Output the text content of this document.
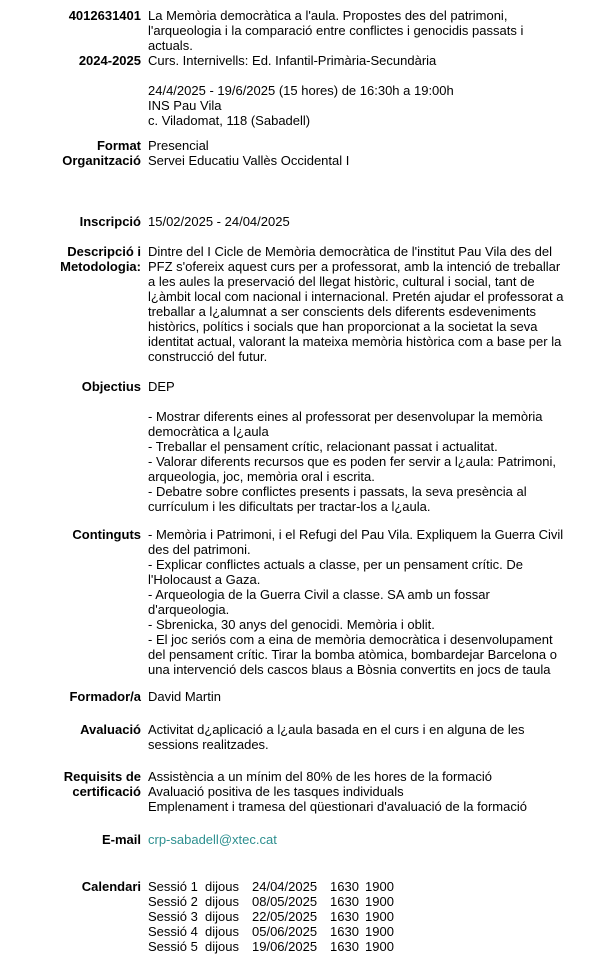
4012631401 La Memòria democràtica a l'aula. Propostes des del patrimoni, l'arqueologia i la comparació entre conflictes i genocidis passats i actuals.
2024-2025 Curs. Internivells: Ed. Infantil-Primària-Secundària
24/4/2025 - 19/6/2025 (15 hores) de 16:30h a 19:00h
INS Pau Vila
c. Viladomat, 118 (Sabadell)
Format Presencial
Organització Servei Educatiu Vallès Occidental I
Inscripció 15/02/2025 - 24/04/2025
Descripció i
Metodologia:
Dintre del I Cicle de Memòria democràtica de l'institut Pau Vila des del PFZ s'ofereix aquest curs per a professorat, amb la intenció de treballar a les aules la preservació del llegat històric, cultural i social, tant de l¿àmbit local com nacional i internacional. Pretén ajudar el professorat a treballar a l¿alumnat a ser conscients dels diferents esdeveniments històrics, polítics i socials que han proporcionat a la societat la seva identitat actual, valorant la mateixa memòria històrica com a base per la construcció del futur.
Objectius DEP
- Mostrar diferents eines al professorat per desenvolupar la memòria democràtica a l¿aula
- Treballar el pensament crític, relacionant passat i actualitat.
- Valorar diferents recursos que es poden fer servir a l¿aula: Patrimoni, arqueologia, joc, memòria oral i escrita.
- Debatre sobre conflictes presents i passats, la seva presència al currículum i les dificultats per tractar-los a l¿aula.
Continguts - Memòria i Patrimoni, i el Refugi del Pau Vila. Expliquem la Guerra Civil des del patrimoni.
- Explicar conflictes actuals a classe, per un pensament crític. De l'Holocaust a Gaza.
- Arqueologia de la Guerra Civil a classe. SA amb un fossar d'arqueologia.
- Sbrenicka, 30 anys del genocidi. Memòria i oblit.
- El joc seriós com a eina de memòria democràtica i desenvolupament del pensament crític. Tirar la bomba atòmica, bombardejar Barcelona o una intervenció dels cascos blaus a Bòsnia convertits en jocs de taula
Formador/a David Martin
Avaluació Activitat d¿aplicació a l¿aula basada en el curs i en alguna de les sessions realitzades.
Requisits de
certificació
Assistència a un mínim del 80% de les hores de la formació
Avaluació positiva de les tasques individuals
Emplenament i tramesa del qüestionari d'avaluació de la formació
E-mail crp-sabadell@xtec.cat
Calendari Sessió 1 dijous	24/04/2025 1630 1900
Sessió 2 dijous	08/05/2025 1630 1900
Sessió 3 dijous	22/05/2025 1630 1900
Sessió 4 dijous	05/06/2025 1630 1900
Sessió 5 dijous	19/06/2025 1630 1900
